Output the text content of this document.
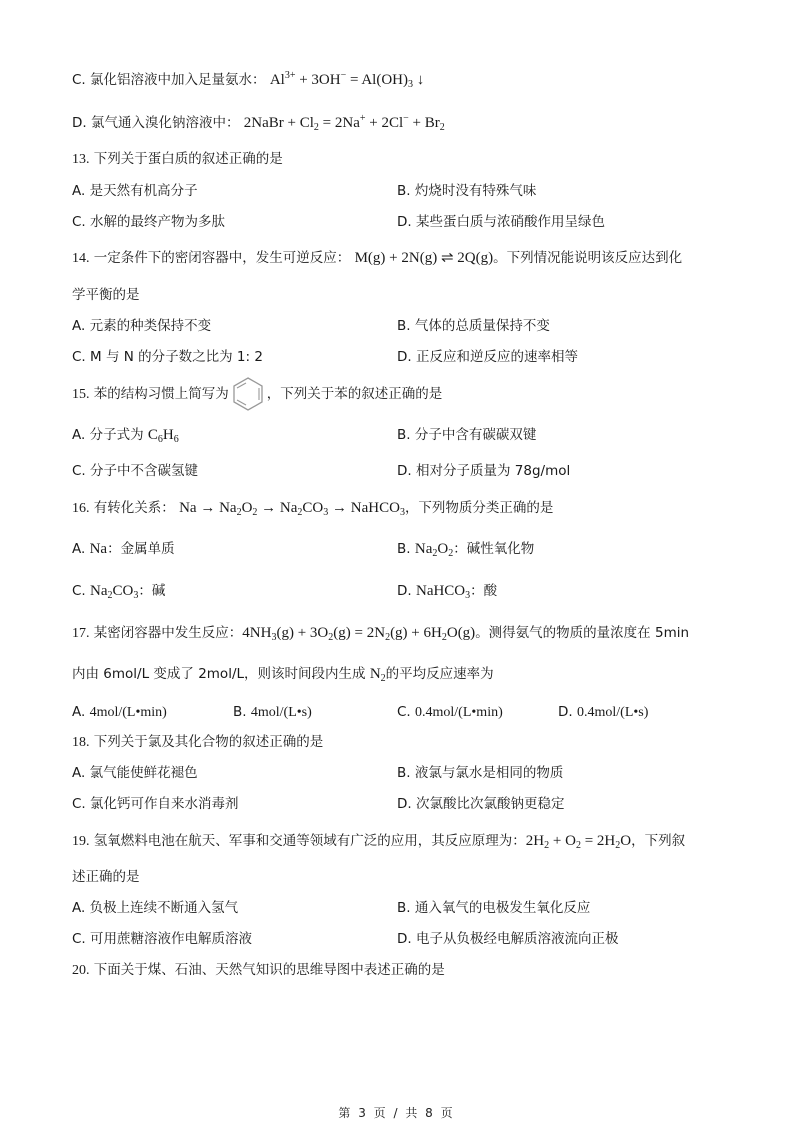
C. 氯化铝溶液中加入足量氨水： $Al^{3+} + 3OH^- = Al(OH)_3$ ↓
D. 氯气通入溴化钠溶液中： 2NaBr + $Cl_2 = 2Na^+ + 2Cl^- + Br_2$
13. 下列关于蛋白质的叙述正确的是
A. 是天然有机高分子	B. 灼烧时没有特殊气味
C. 水解的最终产物为多肽	D. 某些蛋白质与浓硝酸作用呈绿色
14. 一定条件下的密闭容器中，发生可逆反应： M(g) + 2N(g) ⇌ 2Q(g)。下列情况能说明该反应达到化
学平衡的是
A. 元素的种类保持不变	B. 气体的总质量保持不变
C. M 与 N 的分子数之比为 1: 2	D. 正反应和逆反应的速率相等
15. 苯的结构习惯上简写为	，下列关于苯的叙述正确的是
A. 分子式为 $C_6H_6$	B. 分子中含有碳碳双键
C. 分子中不含碳氢键	D. 相对分子质量为 78g/mol
16. 有转化关系： $Na \to Na_2O_2 \to Na_2CO_3$ → NaHCO$_3$，下列物质分类正确的是
A. Na：金属单质	B. $Na_2O_2$：碱性氧化物
C. $Na_2CO_3$：碱	D. NaHCO$_3$：酸
17. 某密闭容器中发生反应：$4NH_3(g) + 3O_2(g) = 2N_2(g) + 6H_2O(g)$。测得氨气的物质的量浓度在 5min
内由 6mol/L 变成了 2mol/L，则该时间段内生成 $N_2$的平均反应速率为
A. 4mol/(L•min)	B. 4mol/(L•s)	C. 0.4mol/(L•min)	D. 0.4mol/(L•s)
18. 下列关于氯及其化合物的叙述正确的是
A. 氯气能使鲜花褪色	B. 液氯与氯水是相同的物质
C. 氯化钙可作自来水消毒剂	D. 次氯酸比次氯酸钠更稳定
19. 氢氧燃料电池在航天、军事和交通等领域有广泛的应用，其反应原理为：$2H_2 + O_2 = 2H_2O$，下列叙
述正确的是
A. 负极上连续不断通入氢气	B. 通入氧气的电极发生氧化反应
C. 可用蔗糖溶液作电解质溶液	D. 电子从负极经电解质溶液流向正极
20. 下面关于煤、石油、天然气知识的思维导图中表述正确的是
第 3 页 / 共 8 页
